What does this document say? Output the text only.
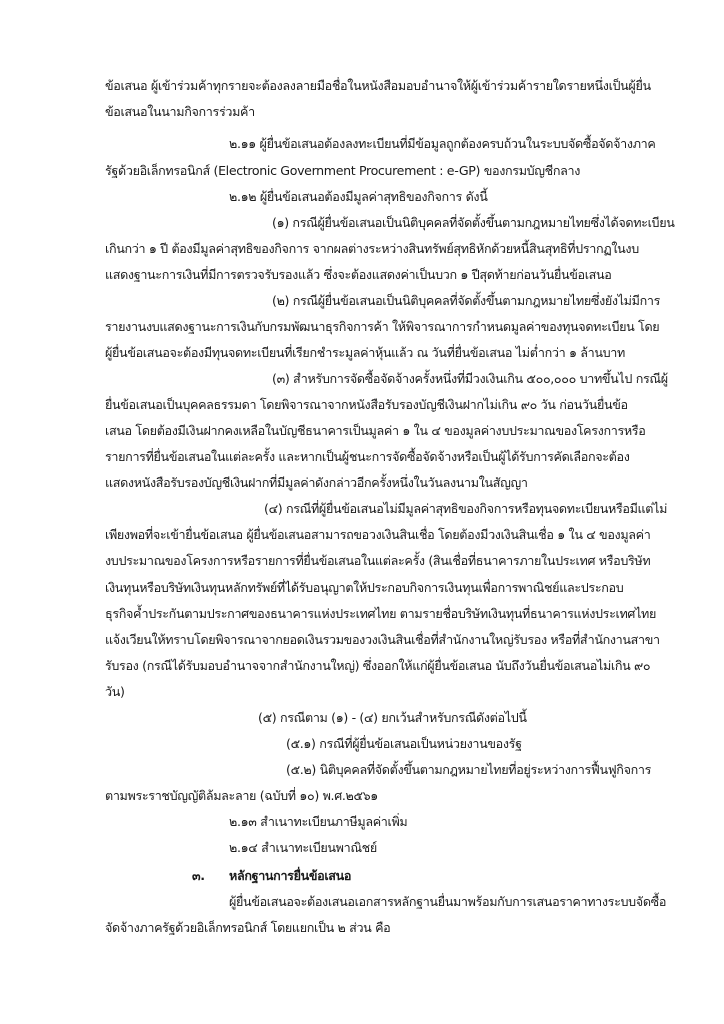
ข้อเสนอ ผู้เข้าร่วมค้าทุกรายจะต้องลงลายมือชื่อในหนังสือมอบอำนาจให้ผู้เข้าร่วมค้ารายใดรายหนึ่งเป็นผู้ยื่น
ข้อเสนอในนามกิจการร่วมค้า
๒.๑๑ ผู้ยื่นข้อเสนอต้องลงทะเบียนที่มีข้อมูลถูกต้องครบถ้วนในระบบจัดซื้อจัดจ้างภาค
รัฐด้วยอิเล็กทรอนิกส์ (Electronic Government Procurement : e-GP) ของกรมบัญชีกลาง
๒.๑๒ ผู้ยื่นข้อเสนอต้องมีมูลค่าสุทธิของกิจการ ดังนี้
(๑) กรณีผู้ยื่นข้อเสนอเป็นนิติบุคคลที่จัดตั้งขึ้นตามกฎหมายไทยซึ่งได้จดทะเบียน
เกินกว่า ๑ ปี ต้องมีมูลค่าสุทธิของกิจการ จากผลต่างระหว่างสินทรัพย์สุทธิหักด้วยหนี้สินสุทธิที่ปรากฏในงบ
แสดงฐานะการเงินที่มีการตรวจรับรองแล้ว ซึ่งจะต้องแสดงค่าเป็นบวก ๑ ปีสุดท้ายก่อนวันยื่นข้อเสนอ
(๒) กรณีผู้ยื่นข้อเสนอเป็นนิติบุคคลที่จัดตั้งขึ้นตามกฎหมายไทยซึ่งยังไม่มีการ
รายงานงบแสดงฐานะการเงินกับกรมพัฒนาธุรกิจการค้า ให้พิจารณาการกำหนดมูลค่าของทุนจดทะเบียน โดย
ผู้ยื่นข้อเสนอจะต้องมีทุนจดทะเบียนที่เรียกชำระมูลค่าหุ้นแล้ว ณ วันที่ยื่นข้อเสนอ ไม่ต่ำกว่า ๑ ล้านบาท
(๓) สำหรับการจัดซื้อจัดจ้างครั้งหนึ่งที่มีวงเงินเกิน ๕๐๐,๐๐๐ บาทขึ้นไป กรณีผู้
ยื่นข้อเสนอเป็นบุคคลธรรมดา โดยพิจารณาจากหนังสือรับรองบัญชีเงินฝากไม่เกิน ๙๐ วัน ก่อนวันยื่นข้อ
เสนอ โดยต้องมีเงินฝากคงเหลือในบัญชีธนาคารเป็นมูลค่า ๑ ใน ๔ ของมูลค่างบประมาณของโครงการหรือ
รายการที่ยื่นข้อเสนอในแต่ละครั้ง และหากเป็นผู้ชนะการจัดซื้อจัดจ้างหรือเป็นผู้ได้รับการคัดเลือกจะต้อง
แสดงหนังสือรับรองบัญชีเงินฝากที่มีมูลค่าดังกล่าวอีกครั้งหนึ่งในวันลงนามในสัญญา
(๔) กรณีที่ผู้ยื่นข้อเสนอไม่มีมูลค่าสุทธิของกิจการหรือทุนจดทะเบียนหรือมีแต่ไม่
เพียงพอที่จะเข้ายื่นข้อเสนอ ผู้ยื่นข้อเสนอสามารถขอวงเงินสินเชื่อ โดยต้องมีวงเงินสินเชื่อ ๑ ใน ๔ ของมูลค่า
งบประมาณของโครงการหรือรายการที่ยื่นข้อเสนอในแต่ละครั้ง (สินเชื่อที่ธนาคารภายในประเทศ หรือบริษัท
เงินทุนหรือบริษัทเงินทุนหลักทรัพย์ที่ได้รับอนุญาตให้ประกอบกิจการเงินทุนเพื่อการพาณิชย์และประกอบ
ธุรกิจค้ำประกันตามประกาศของธนาคารแห่งประเทศไทย ตามรายชื่อบริษัทเงินทุนที่ธนาคารแห่งประเทศไทย
แจ้งเวียนให้ทราบโดยพิจารณาจากยอดเงินรวมของวงเงินสินเชื่อที่สำนักงานใหญ่รับรอง หรือที่สำนักงานสาขา
รับรอง (กรณีได้รับมอบอำนาจจากสำนักงานใหญ่) ซึ่งออกให้แก่ผู้ยื่นข้อเสนอ นับถึงวันยื่นข้อเสนอไม่เกิน ๙๐
วัน)
(๕) กรณีตาม (๑) - (๔) ยกเว้นสำหรับกรณีดังต่อไปนี้
(๕.๑) กรณีที่ผู้ยื่นข้อเสนอเป็นหน่วยงานของรัฐ
(๕.๒) นิติบุคคลที่จัดตั้งขึ้นตามกฎหมายไทยที่อยู่ระหว่างการฟื้นฟูกิจการ
ตามพระราชบัญญัติล้มละลาย (ฉบับที่ ๑๐) พ.ศ.๒๕๖๑
๒.๑๓ สำเนาทะเบียนภาษีมูลค่าเพิ่ม
๒.๑๔ สำเนาทะเบียนพาณิชย์
๓. หลักฐานการยื่นข้อเสนอ
ผู้ยื่นข้อเสนอจะต้องเสนอเอกสารหลักฐานยื่นมาพร้อมกับการเสนอราคาทางระบบจัดซื้อ
จัดจ้างภาครัฐด้วยอิเล็กทรอนิกส์ โดยแยกเป็น ๒ ส่วน คือ
